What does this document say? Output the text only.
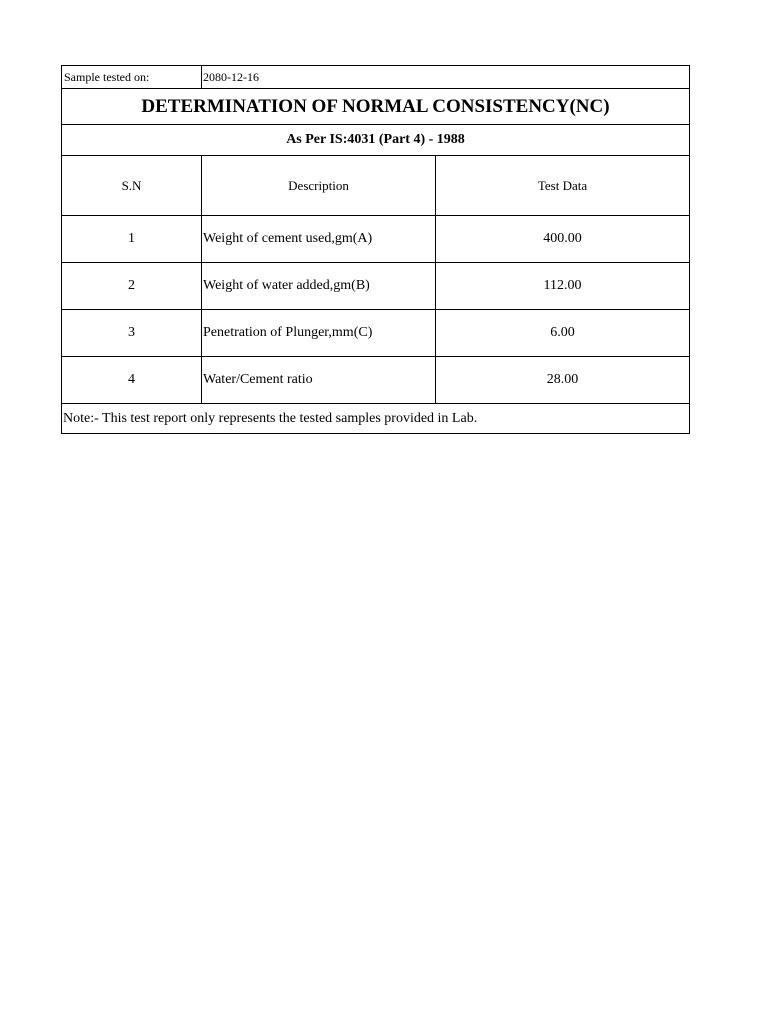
Sample tested on:	2080-12-16	
DETERMINATION OF NORMAL CONSISTENCY(NC)		
As Per IS:4031 (Part 4) - 1988		
S.N	Description	Test Data
1	Weight of cement used,gm(A)	400.00
2	Weight of water added,gm(B)	112.00
3	Penetration of Plunger,mm(C)	6.00
4	Water/Cement ratio	28.00
Note:- This test report only represents the tested samples provided in Lab.		
